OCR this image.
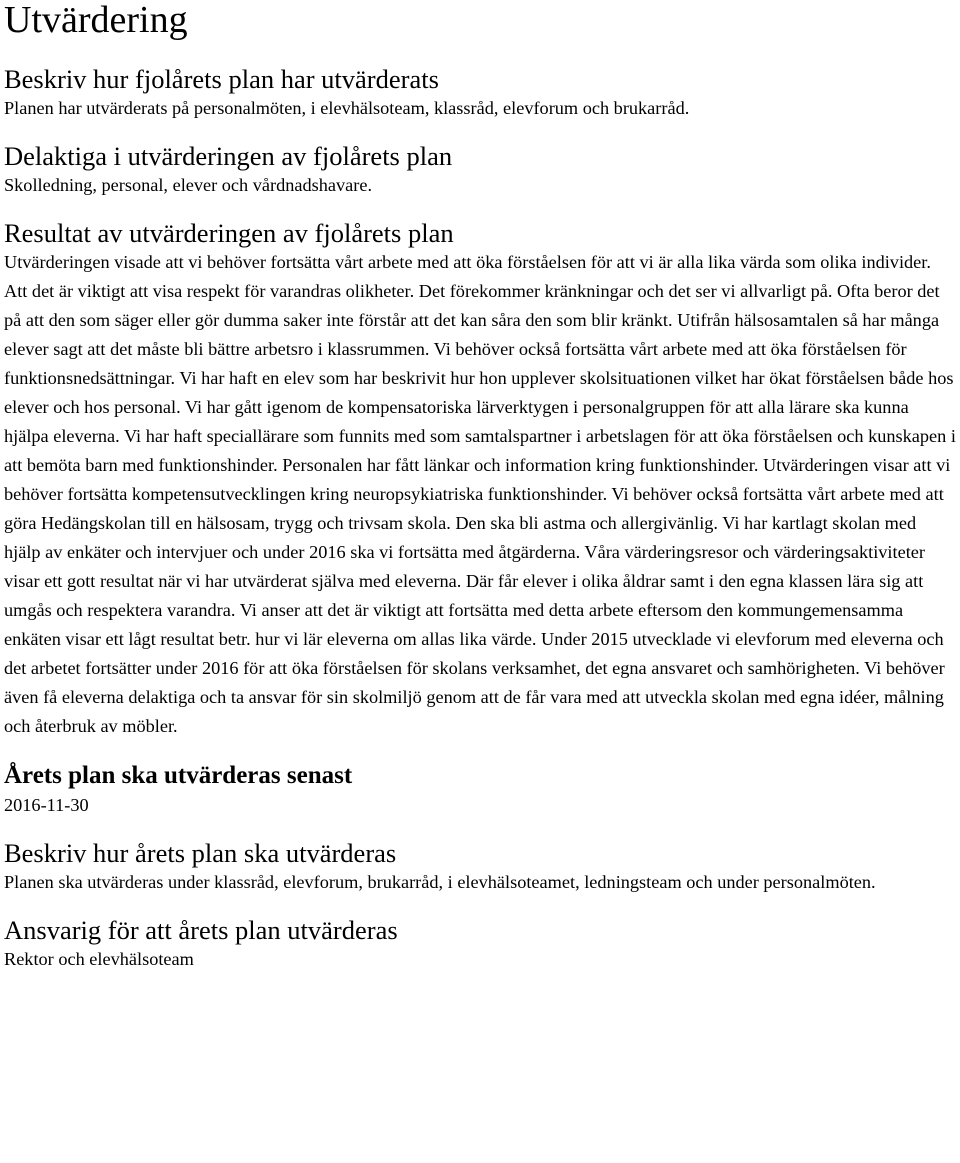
Utvärdering
Beskriv hur fjolårets plan har utvärderats

Planen har utvärderats på personalmöten, i elevhälsoteam, klassråd, elevforum och brukarråd.

Delaktiga i utvärderingen av fjolårets plan

Skolledning, personal, elever och vårdnadshavare.

Resultat av utvärderingen av fjolårets plan

Utvärderingen visade att vi behöver fortsätta vårt arbete med att öka förståelsen för att vi är alla lika värda som olika individer. Att det är viktigt att visa respekt för varandras olikheter. Det förekommer kränkningar och det ser vi allvarligt på. Ofta beror det på att den som säger eller gör dumma saker inte förstår att det kan såra den som blir kränkt. Utifrån hälsosamtalen så har många elever sagt att det måste bli bättre arbetsro i klassrummen. Vi behöver också fortsätta vårt arbete med att öka förståelsen för funktionsnedsättningar. Vi har haft en elev som har beskrivit hur hon upplever skolsituationen vilket har ökat förståelsen både hos elever och hos personal. Vi har gått igenom de kompensatoriska lärverktygen i personalgruppen för att alla lärare ska kunna hjälpa eleverna. Vi har haft speciallärare som funnits med som samtalspartner i arbetslagen för att öka förståelsen och kunskapen i att bemöta barn med funktionshinder. Personalen har fått länkar och information kring funktionshinder. Utvärderingen visar att vi behöver fortsätta kompetensutvecklingen kring neuropsykiatriska funktionshinder. Vi behöver också fortsätta vårt arbete med att göra Hedängskolan till en hälsosam, trygg och trivsam skola. Den ska bli astma och allergivänlig. Vi har kartlagt skolan med hjälp av enkäter och intervjuer och under 2016 ska vi fortsätta med åtgärderna. Våra värderingsresor och värderingsaktiviteter visar ett gott resultat när vi har utvärderat själva med eleverna. Där får elever i olika åldrar samt i den egna klassen lära sig att umgås och respektera varandra. Vi anser att det är viktigt att fortsätta med detta arbete eftersom den kommungemensamma enkäten visar ett lågt resultat betr. hur vi lär eleverna om allas lika värde. Under 2015 utvecklade vi elevforum med eleverna och det arbetet fortsätter under 2016 för att öka förståelsen för skolans verksamhet, det egna ansvaret och samhörigheten. Vi behöver även få eleverna delaktiga och ta ansvar för sin skolmiljö genom att de får vara med att utveckla skolan med egna idéer, målning och återbruk av möbler.

Årets plan ska utvärderas senast

2016-11-30

Beskriv hur årets plan ska utvärderas

Planen ska utvärderas under klassråd, elevforum, brukarråd, i elevhälsoteamet, ledningsteam och under personalmöten.

Ansvarig för att årets plan utvärderas

Rektor och elevhälsoteam
